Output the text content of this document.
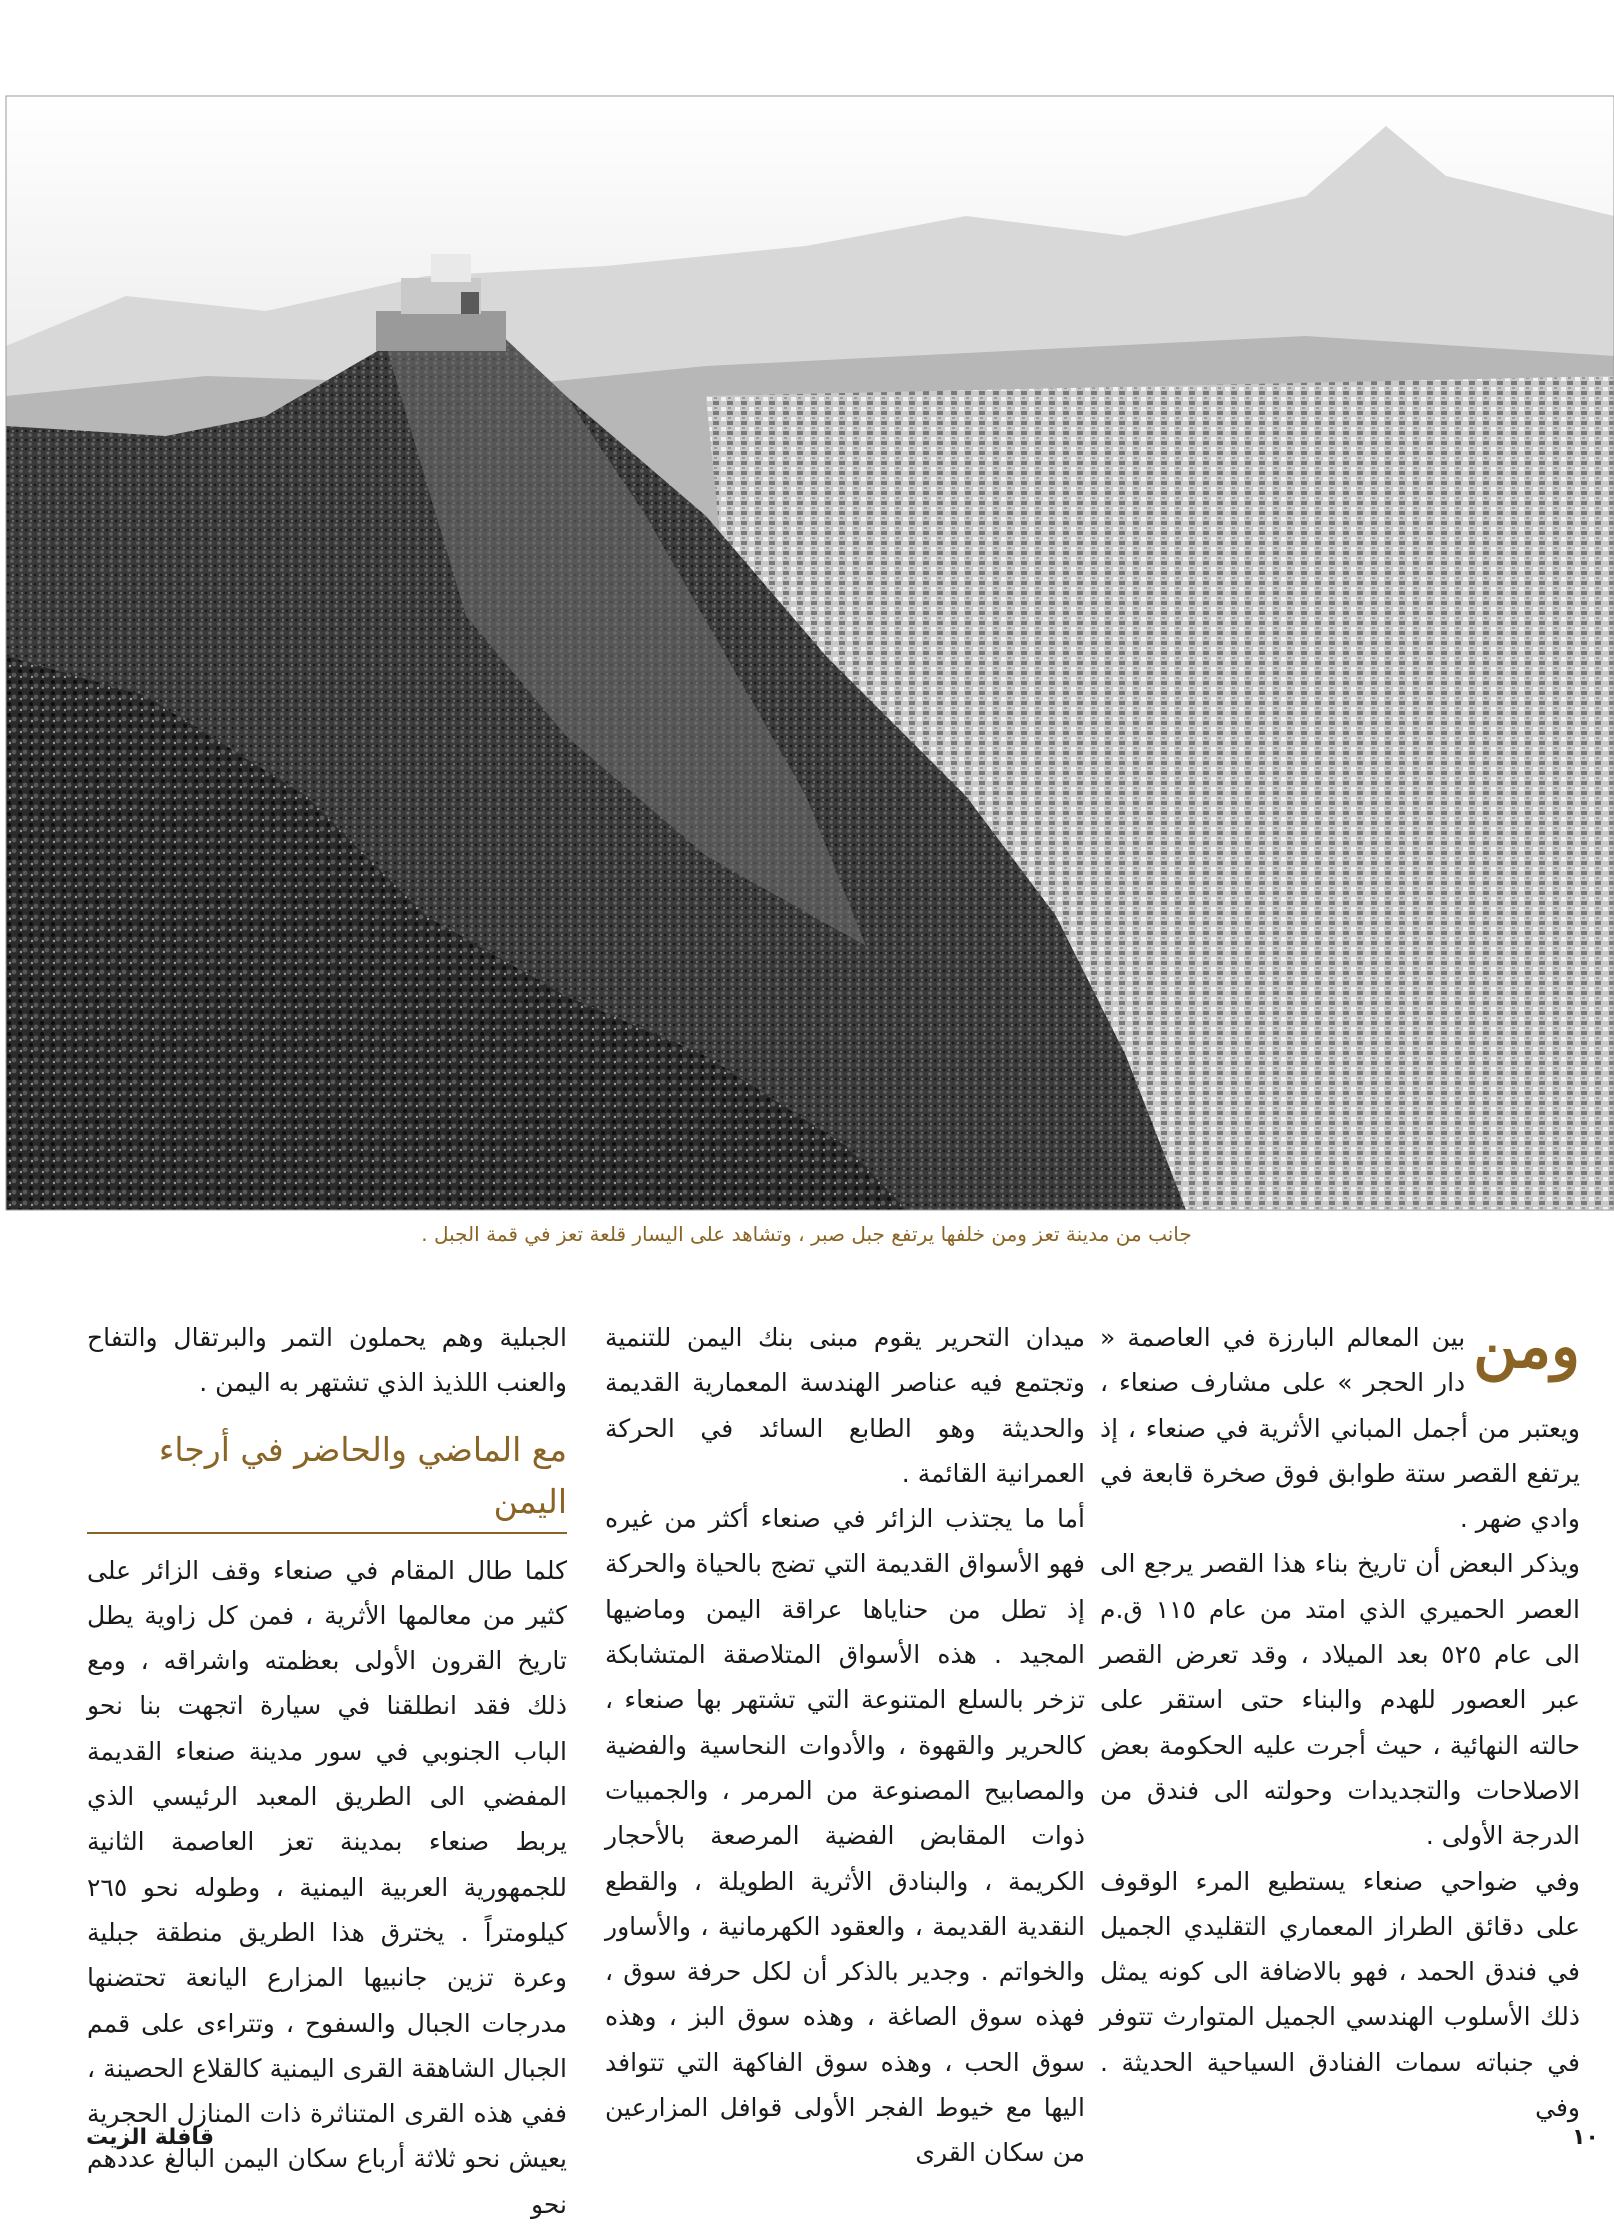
جانب من مدينة تعز ومن خلفها يرتفع جبل صبر ، وتشاهد على اليسار قلعة تعز في قمة الجبل .
ومن

بين المعالم البارزة في العاصمة « دار الحجر » على مشارف صنعاء ، ويعتبر من أجمل المباني الأثرية في صنعاء ، إذ يرتفع القصر ستة طوابق فوق صخرة قابعة في وادي ضهر .

ويذكر البعض أن تاريخ بناء هذا القصر يرجع الى العصر الحميري الذي امتد من عام ١١٥ ق.م الى عام ٥٢٥ بعد الميلاد ، وقد تعرض القصر عبر العصور للهدم والبناء حتى استقر على حالته النهائية ، حيث أجرت عليه الحكومة بعض الاصلاحات والتجديدات وحولته الى فندق من الدرجة الأولى .

وفي ضواحي صنعاء يستطيع المرء الوقوف على دقائق الطراز المعماري التقليدي الجميل في فندق الحمد ، فهو بالاضافة الى كونه يمثل ذلك الأسلوب الهندسي الجميل المتوارث تتوفر في جنباته سمات الفنادق السياحية الحديثة . وفي

ميدان التحرير يقوم مبنى بنك اليمن للتنمية وتجتمع فيه عناصر الهندسة المعمارية القديمة والحديثة وهو الطابع السائد في الحركة العمرانية القائمة .

أما ما يجتذب الزائر في صنعاء أكثر من غيره فهو الأسواق القديمة التي تضج بالحياة والحركة إذ تطل من حناياها عراقة اليمن وماضيها المجيد . هذه الأسواق المتلاصقة المتشابكة تزخر بالسلع المتنوعة التي تشتهر بها صنعاء ، كالحرير والقهوة ، والأدوات النحاسية والفضية والمصابيح المصنوعة من المرمر ، والجمبيات ذوات المقابض الفضية المرصعة بالأحجار الكريمة ، والبنادق الأثرية الطويلة ، والقطع النقدية القديمة ، والعقود الكهرمانية ، والأساور والخواتم . وجدير بالذكر أن لكل حرفة سوق ، فهذه سوق الصاغة ، وهذه سوق البز ، وهذه سوق الحب ، وهذه سوق الفاكهة التي تتوافد اليها مع خيوط الفجر الأولى قوافل المزارعين من سكان القرى

الجبلية وهم يحملون التمر والبرتقال والتفاح والعنب اللذيذ الذي تشتهر به اليمن .

مع الماضي والحاضر في أرجاء اليمن

كلما طال المقام في صنعاء وقف الزائر على كثير من معالمها الأثرية ، فمن كل زاوية يطل تاريخ القرون الأولى بعظمته واشراقه ، ومع ذلك فقد انطلقنا في سيارة اتجهت بنا نحو الباب الجنوبي في سور مدينة صنعاء القديمة المفضي الى الطريق المعبد الرئيسي الذي يربط صنعاء بمدينة تعز العاصمة الثانية للجمهورية العربية اليمنية ، وطوله نحو ٢٦٥ كيلومتراً . يخترق هذا الطريق منطقة جبلية وعرة تزين جانبيها المزارع اليانعة تحتضنها مدرجات الجبال والسفوح ، وتتراءى على قمم الجبال الشاهقة القرى اليمنية كالقلاع الحصينة ، ففي هذه القرى المتناثرة ذات المنازل الحجرية يعيش نحو ثلاثة أرباع سكان اليمن البالغ عددهم نحو

قافلة الزيت	١٠
